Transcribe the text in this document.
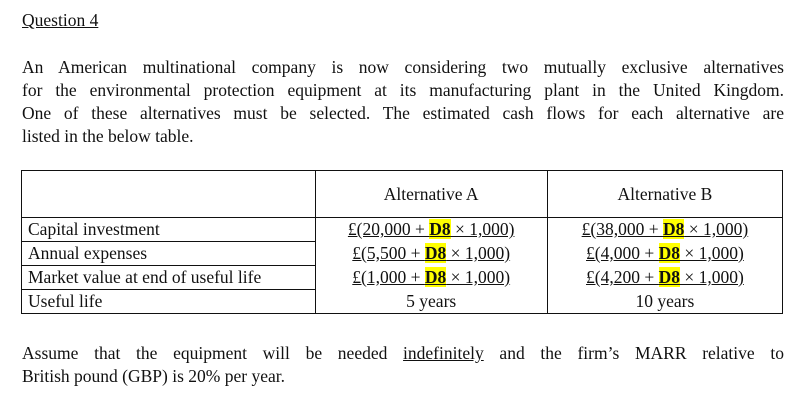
Question 4
An American multinational company is now considering two mutually exclusive alternatives
for the environmental protection equipment at its manufacturing plant in the United Kingdom.
One of these alternatives must be selected. The estimated cash flows for each alternative are
listed in the below table.
	Alternative A	Alternative B
Capital investment	£(20,000 + D8 × 1,000)	£(38,000 + D8 × 1,000)
Annual expenses	£(5,500 + D8 × 1,000)	£(4,000 + D8 × 1,000)
Market value at end of useful life	£(1,000 + D8 × 1,000)	£(4,200 + D8 × 1,000)
Useful life	5 years	10 years
Assume that the equipment will be needed indefinitely and the firm’s MARR relative to
British pound (GBP) is 20% per year.
